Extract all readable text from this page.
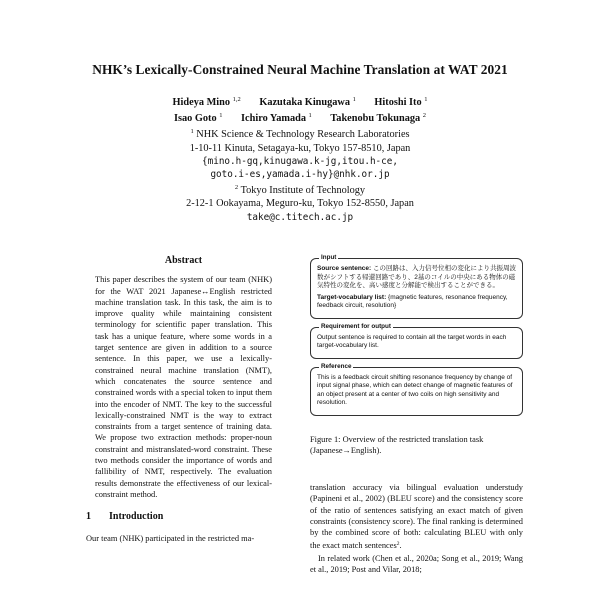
NHK’s Lexically-Constrained Neural Machine Translation at WAT 2021
Hideya Mino $^{1,2}$ Kazutaka Kinugawa $^1$ Hitoshi Ito $^1$
Isao Goto $^1$ Ichiro Yamada $^1$ Takenobu Tokunaga $^2$
$^1$ NHK Science & Technology Research Laboratories
1-10-11 Kinuta, Setagaya-ku, Tokyo 157-8510, Japan
{mino.h-gq,kinugawa.k-jg,itou.h-ce,
goto.i-es,yamada.i-hy}@nhk.or.jp
$^2$ Tokyo Institute of Technology
2-12-1 Ookayama, Meguro-ku, Tokyo 152-8550, Japan
take@c.titech.ac.jp
Abstract

This paper describes the system of our team (NHK) for the WAT 2021 Japanese↔English restricted machine translation task. In this task, the aim is to improve quality while maintaining consistent terminology for scientific paper translation. This task has a unique feature, where some words in a target sentence are given in addition to a source sentence. In this paper, we use a lexically-constrained neural machine translation (NMT), which concatenates the source sentence and constrained words with a special token to input them into the encoder of NMT. The key to the successful lexically-constrained NMT is the way to extract constraints from a target sentence of training data. We propose two extraction methods: proper-noun constraint and mistranslated-word constraint. These two methods consider the importance of words and fallibility of NMT, respectively. The evaluation results demonstrate the effectiveness of our lexical-constraint method.

1 Introduction
Our team (NHK) participated in the restricted ma-
Input

Source sentence: この回路は、入力信号位相の変化により共振周波数がシフトする帰還回路であり、2基のコイルの中央にある物体の磁気特性の変化を、高い感度と分解能で検出することができる。

Target-vocabulary list: {magnetic features, resonance frequency, feedback circuit, resolution}

Requirement for output

Output sentence is required to contain all the target words in each target-vocabulary list.

Reference

This is a feedback circuit shifting resonance frequency by change of input signal phase, which can detect change of magnetic features of an object present at a center of two coils on high sensitivity and resolution.

Figure 1: Overview of the restricted translation task (Japanese→English).

translation accuracy via bilingual evaluation understudy (Papineni et al., 2002) (BLEU score) and the consistency score of the ratio of sentences satisfying an exact match of given constraints (consistency score). The final ranking is determined by the combined score of both: calculating BLEU with only the exact match sentences$^2$.

In related work (Chen et al., 2020a; Song et al., 2019; Wang et al., 2019; Post and Vilar, 2018;
